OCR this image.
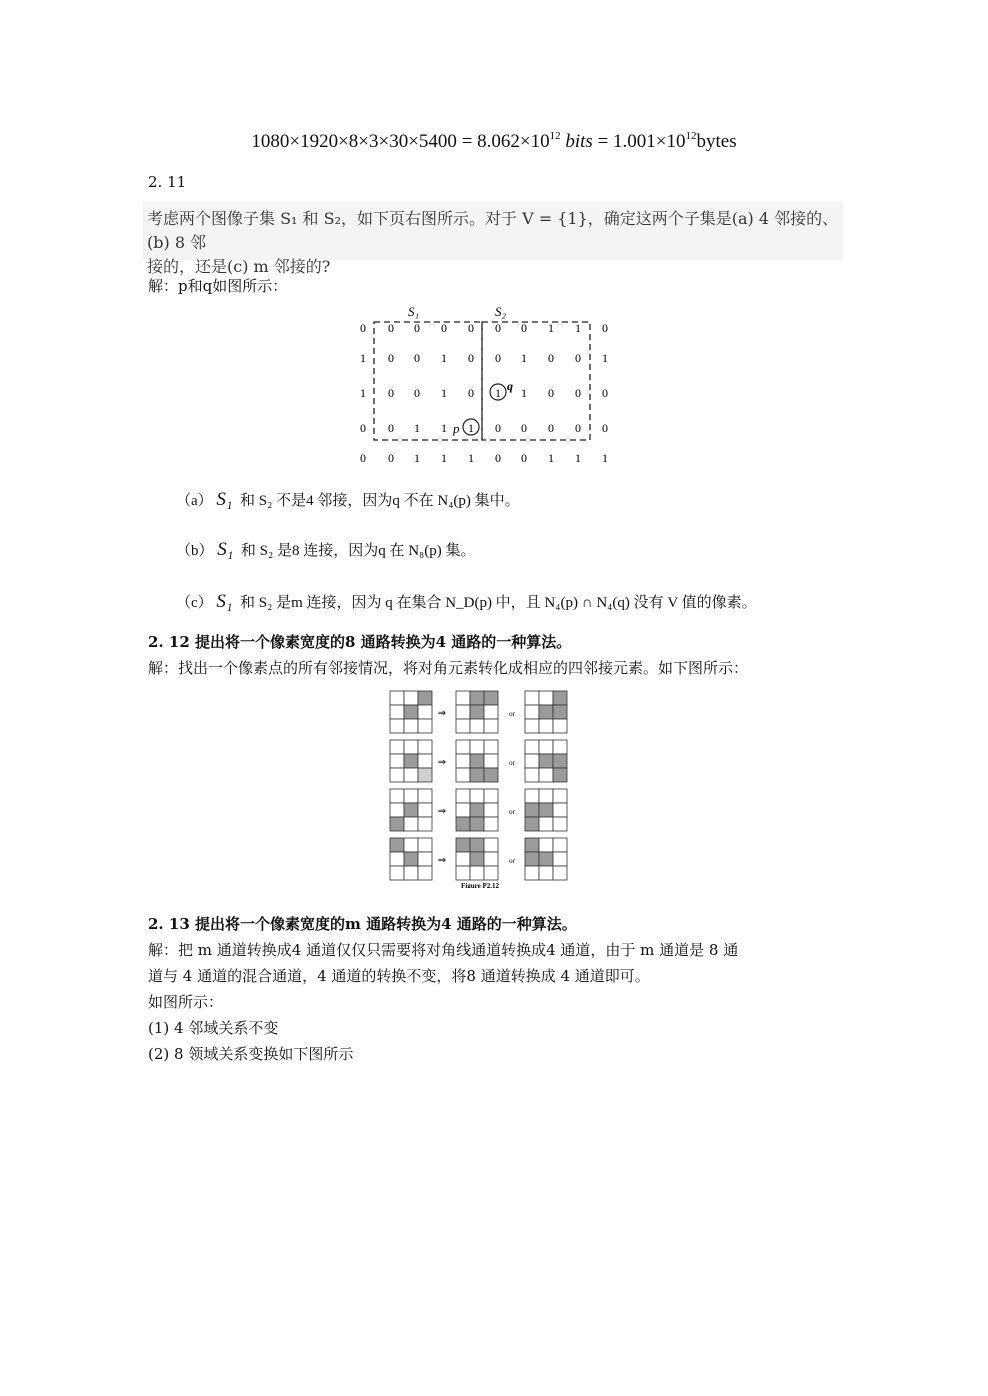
$1080\times 1920\times 8\times 3\times 30\times 5400 = 8.062\times 10^{12}$ bits = $1.001\times 10^{12}bytes$
2. 11
考虑两个图像子集 S₁ 和 S₂，如下页右图所示。对于 V = {1}，确定这两个子集是(a) 4 邻接的、(b) 8 邻
接的，还是(c) m 邻接的?
解：p和q如图所示：
S₁	S₂
0 0 0 0 0 0 0 1 1 0
1 0 0 1 0 0 1 0 0 1
1 0 0 1 0 1 1 0 0 0
0 0 1 1 1 0 0 0 0 0
0 0 1 1 1 0 0 1 1 1
p
q
（a） S₁ 和 S₂ 不是4 邻接，因为q 不在 N₄(p) 集中。
（b） S₁ 和 S₂ 是8 连接，因为q 在 N₈(p) 集。
（c） S₁ 和 S₂ 是m 连接，因为 q 在集合 N_D(p) 中，且 N₄(p) ∩ N₄(q) 没有 V 值的像素。
2. 12 提出将一个像素宽度的8 通路转换为4 通路的一种算法。
解：找出一个像素点的所有邻接情况，将对角元素转化成相应的四邻接元素。如下图所示：
⇒	or
⇒	or
⇒	or
⇒	or
Figure P2.12
2. 13 提出将一个像素宽度的m 通路转换为4 通路的一种算法。
解：把 m 通道转换成4 通道仅仅只需要将对角线通道转换成4 通道，由于 m 通道是 8 通
道与 4 通道的混合通道，4 通道的转换不变，将8 通道转换成 4 通道即可。
如图所示：
(1) 4 邻域关系不变
(2) 8 领域关系变换如下图所示
